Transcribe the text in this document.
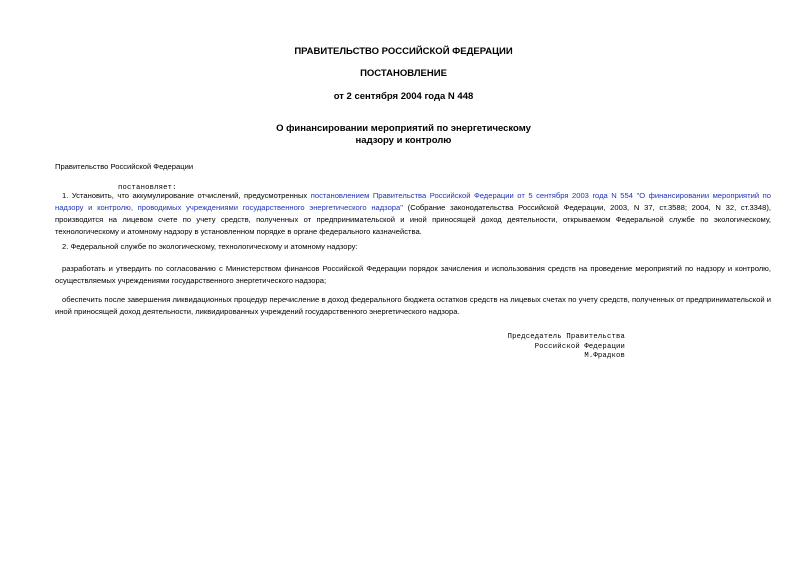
ПРАВИТЕЛЬСТВО РОССИЙСКОЙ ФЕДЕРАЦИИ
ПОСТАНОВЛЕНИЕ
от 2 сентября 2004 года N 448
О финансировании мероприятий по энергетическому
надзору и контролю
Правительство Российской Федерации
постановляет:
1. Установить, что аккумулирование отчислений, предусмотренных постановлением Правительства Российской Федерации от 5 сентября 2003 года N 554 "О финансировании мероприятий по надзору и контролю, проводимых учреждениями государственного энергетического надзора" (Собрание законодательства Российской Федерации, 2003, N 37, ст.3588; 2004, N 32, ст.3348), производится на лицевом счете по учету средств, полученных от предпринимательской и иной приносящей доход деятельности, открываемом Федеральной службе по экологическому, технологическому и атомному надзору в установленном порядке в органе федерального казначейства.
2. Федеральной службе по экологическому, технологическому и атомному надзору:
разработать и утвердить по согласованию с Министерством финансов Российской Федерации порядок зачисления и использования средств на проведение мероприятий по надзору и контролю, осуществляемых учреждениями государственного энергетического надзора;
обеспечить после завершения ликвидационных процедур перечисление в доход федерального бюджета остатков средств на лицевых счетах по учету средств, полученных от предпринимательской и иной приносящей доход деятельности, ликвидированных учреждений государственного энергетического надзора.
Председатель Правительства
Российской Федерации
М.Фрадков
